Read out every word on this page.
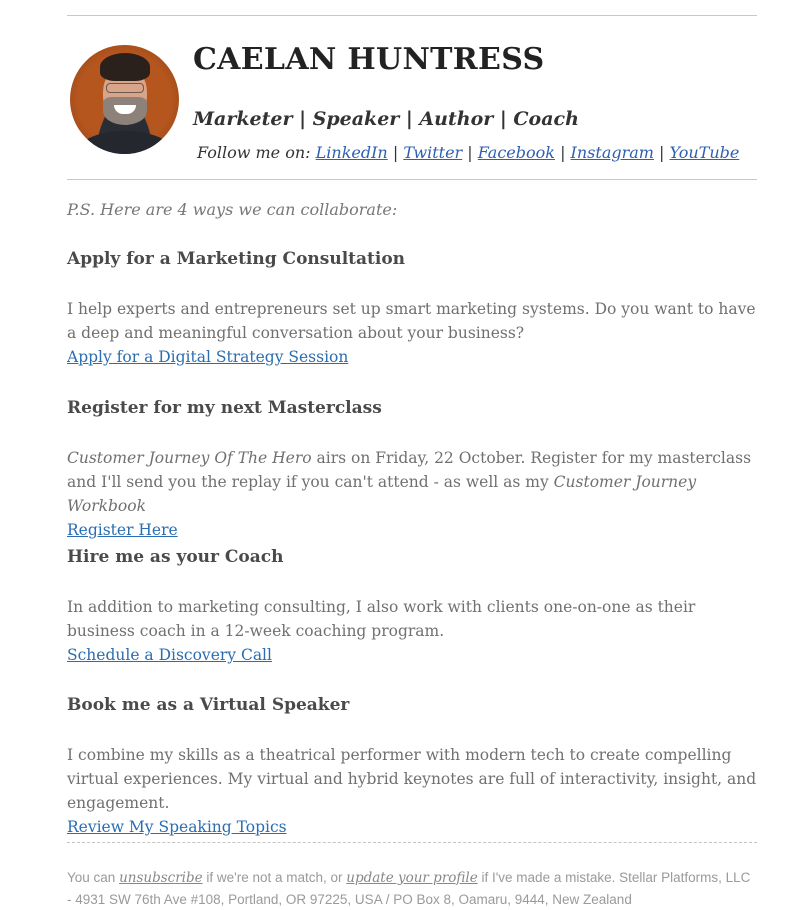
CAELAN HUNTRESS
Marketer | Speaker | Author | Coach
Follow me on: LinkedIn | Twitter | Facebook | Instagram | YouTube
P.S. Here are 4 ways we can collaborate:
Apply for a Marketing Consultation

I help experts and entrepreneurs set up smart marketing systems. Do you want to have a deep and meaningful conversation about your business?

Apply for a Digital Strategy Session
Register for my next Masterclass

Customer Journey Of The Hero airs on Friday, 22 October. Register for my masterclass and I'll send you the replay if you can't attend - as well as my Customer Journey Workbook

Register Here
Hire me as your Coach

In addition to marketing consulting, I also work with clients one-on-one as their business coach in a 12-week coaching program.

Schedule a Discovery Call
Book me as a Virtual Speaker

I combine my skills as a theatrical performer with modern tech to create compelling virtual experiences. My virtual and hybrid keynotes are full of interactivity, insight, and engagement.

Review My Speaking Topics
You can unsubscribe if we're not a match, or update your profile if I've made a mistake. Stellar Platforms, LLC - 4931 SW 76th Ave #108, Portland, OR 97225, USA / PO Box 8, Oamaru, 9444, New Zealand
